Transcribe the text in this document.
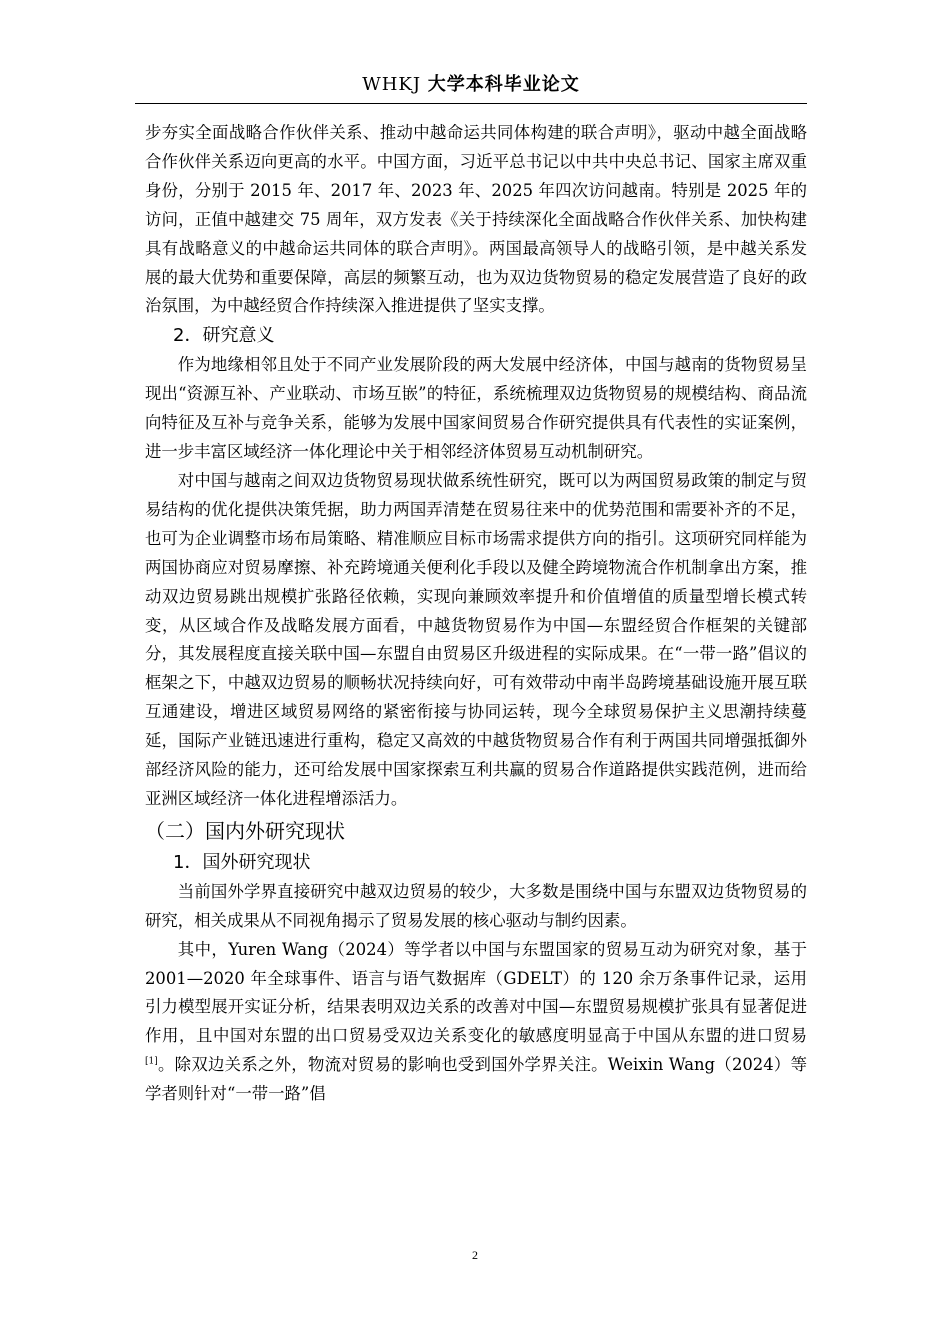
WHKJ 大学本科毕业论文

步夯实全面战略合作伙伴关系、推动中越命运共同体构建的联合声明》，驱动中越全面战略合作伙伴关系迈向更高的水平。中国方面，习近平总书记以中共中央总书记、国家主席双重身份，分别于 2015 年、2017 年、2023 年、2025 年四次访问越南。特别是 2025 年的访问，正值中越建交 75 周年，双方发表《关于持续深化全面战略合作伙伴关系、加快构建具有战略意义的中越命运共同体的联合声明》。两国最高领导人的战略引领，是中越关系发展的最大优势和重要保障，高层的频繁互动，也为双边货物贸易的稳定发展营造了良好的政治氛围，为中越经贸合作持续深入推进提供了坚实支撑。

2．研究意义

作为地缘相邻且处于不同产业发展阶段的两大发展中经济体，中国与越南的货物贸易呈现出“资源互补、产业联动、市场互嵌”的特征，系统梳理双边货物贸易的规模结构、商品流向特征及互补与竞争关系，能够为发展中国家间贸易合作研究提供具有代表性的实证案例，进一步丰富区域经济一体化理论中关于相邻经济体贸易互动机制研究。

对中国与越南之间双边货物贸易现状做系统性研究，既可以为两国贸易政策的制定与贸易结构的优化提供决策凭据，助力两国弄清楚在贸易往来中的优势范围和需要补齐的不足，也可为企业调整市场布局策略、精准顺应目标市场需求提供方向的指引。这项研究同样能为两国协商应对贸易摩擦、补充跨境通关便利化手段以及健全跨境物流合作机制拿出方案，推动双边贸易跳出规模扩张路径依赖，实现向兼顾效率提升和价值增值的质量型增长模式转变，从区域合作及战略发展方面看，中越货物贸易作为中国—东盟经贸合作框架的关键部分，其发展程度直接关联中国—东盟自由贸易区升级进程的实际成果。在“一带一路”倡议的框架之下，中越双边贸易的顺畅状况持续向好，可有效带动中南半岛跨境基础设施开展互联互通建设，增进区域贸易网络的紧密衔接与协同运转，现今全球贸易保护主义思潮持续蔓延，国际产业链迅速进行重构，稳定又高效的中越货物贸易合作有利于两国共同增强抵御外部经济风险的能力，还可给发展中国家探索互利共赢的贸易合作道路提供实践范例，进而给亚洲区域经济一体化进程增添活力。

（二）国内外研究现状
1．国外研究现状

当前国外学界直接研究中越双边贸易的较少，大多数是围绕中国与东盟双边货物贸易的研究，相关成果从不同视角揭示了贸易发展的核心驱动与制约因素。

其中，Yuren Wang（2024）等学者以中国与东盟国家的贸易互动为研究对象，基于 2001—2020 年全球事件、语言与语气数据库（GDELT）的 120 余万条事件记录，运用引力模型展开实证分析，结果表明双边关系的改善对中国—东盟贸易规模扩张具有显著促进作用，且中国对东盟的出口贸易受双边关系变化的敏感度明显高于中国从东盟的进口贸易[1]。除双边关系之外，物流对贸易的影响也受到国外学界关注。Weixin Wang（2024）等学者则针对“一带一路”倡

2
